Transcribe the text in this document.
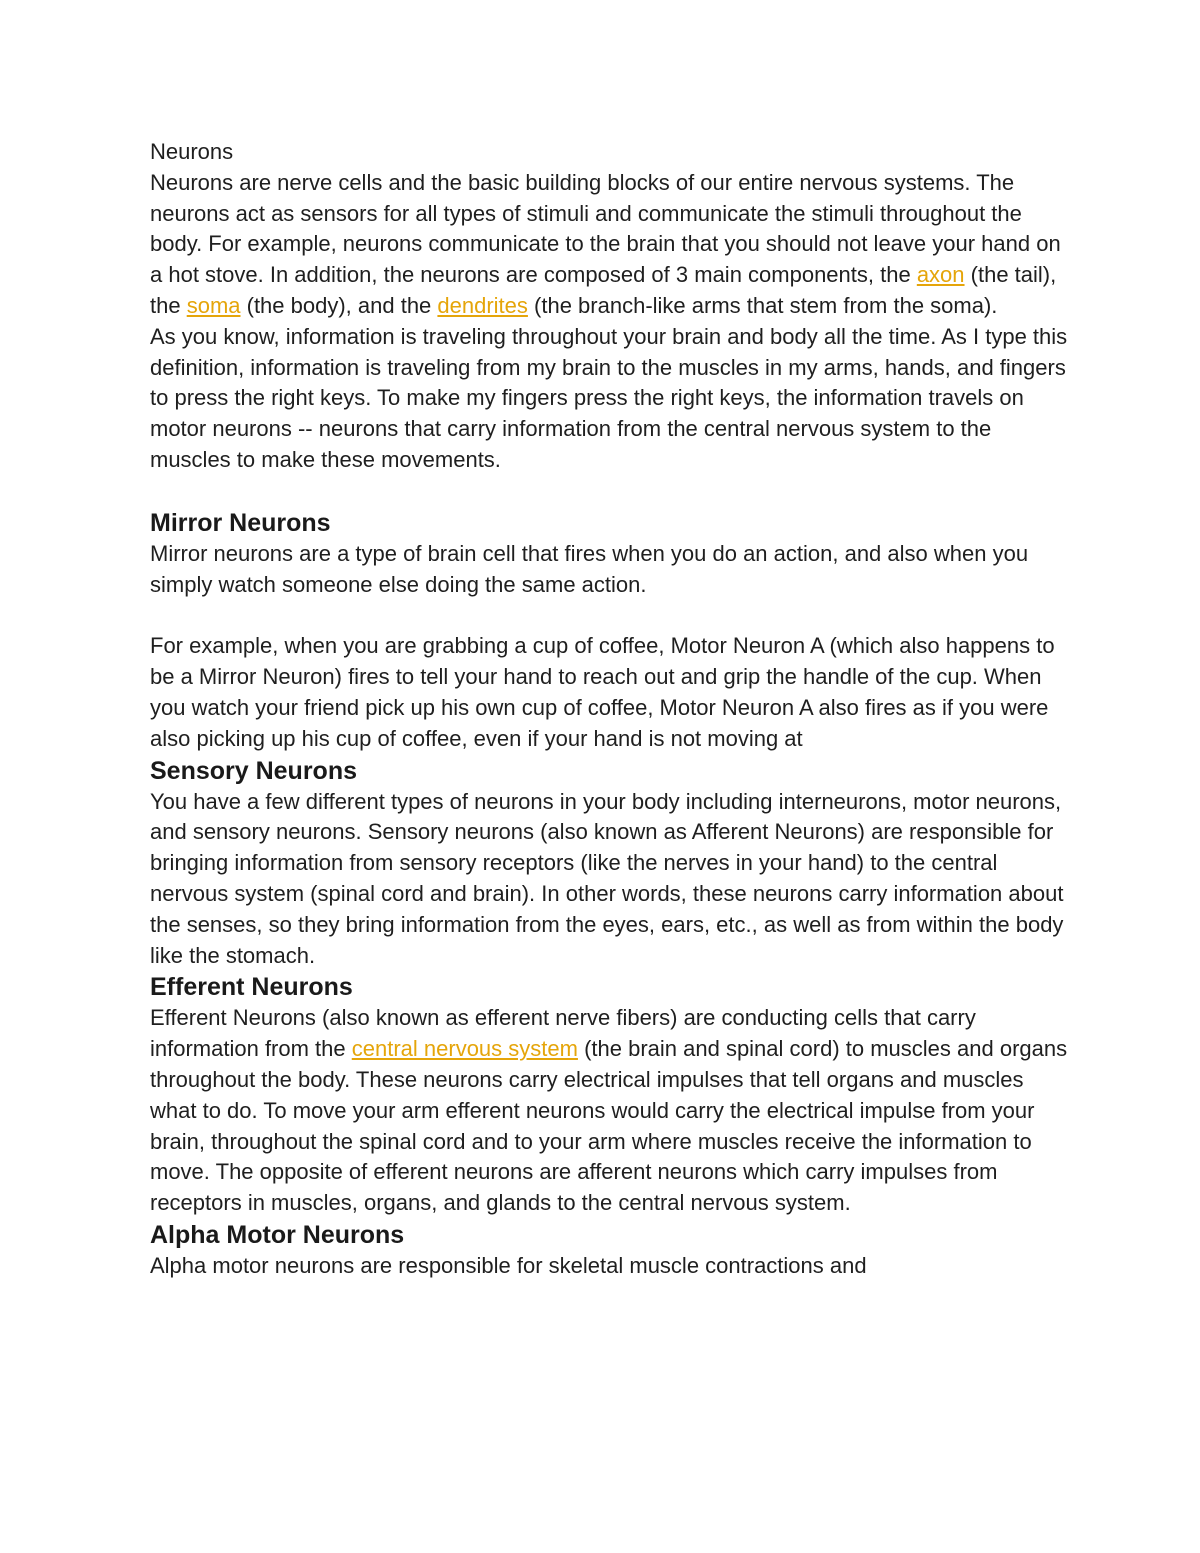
Neurons

Neurons are nerve cells and the basic building blocks of our entire nervous systems. The neurons act as sensors for all types of stimuli and communicate the stimuli throughout the body. For example, neurons communicate to the brain that you should not leave your hand on a hot stove. In addition, the neurons are composed of 3 main components, the axon (the tail), the soma (the body), and the dendrites (the branch-like arms that stem from the soma).

As you know, information is traveling throughout your brain and body all the time. As I type this definition, information is traveling from my brain to the muscles in my arms, hands, and fingers to press the right keys. To make my fingers press the right keys, the information travels on motor neurons -- neurons that carry information from the central nervous system to the muscles to make these movements.

Mirror Neurons

Mirror neurons are a type of brain cell that fires when you do an action, and also when you simply watch someone else doing the same action.

For example, when you are grabbing a cup of coffee, Motor Neuron A (which also happens to be a Mirror Neuron) fires to tell your hand to reach out and grip the handle of the cup. When you watch your friend pick up his own cup of coffee, Motor Neuron A also fires as if you were also picking up his cup of coffee, even if your hand is not moving at

Sensory Neurons

You have a few different types of neurons in your body including interneurons, motor neurons, and sensory neurons. Sensory neurons (also known as Afferent Neurons) are responsible for bringing information from sensory receptors (like the nerves in your hand) to the central nervous system (spinal cord and brain). In other words, these neurons carry information about the senses, so they bring information from the eyes, ears, etc., as well as from within the body like the stomach.

Efferent Neurons

Efferent Neurons (also known as efferent nerve fibers) are conducting cells that carry information from the central nervous system (the brain and spinal cord) to muscles and organs throughout the body. These neurons carry electrical impulses that tell organs and muscles what to do. To move your arm efferent neurons would carry the electrical impulse from your brain, throughout the spinal cord and to your arm where muscles receive the information to move. The opposite of efferent neurons are afferent neurons which carry impulses from receptors in muscles, organs, and glands to the central nervous system.

Alpha Motor Neurons

Alpha motor neurons are responsible for skeletal muscle contractions and
